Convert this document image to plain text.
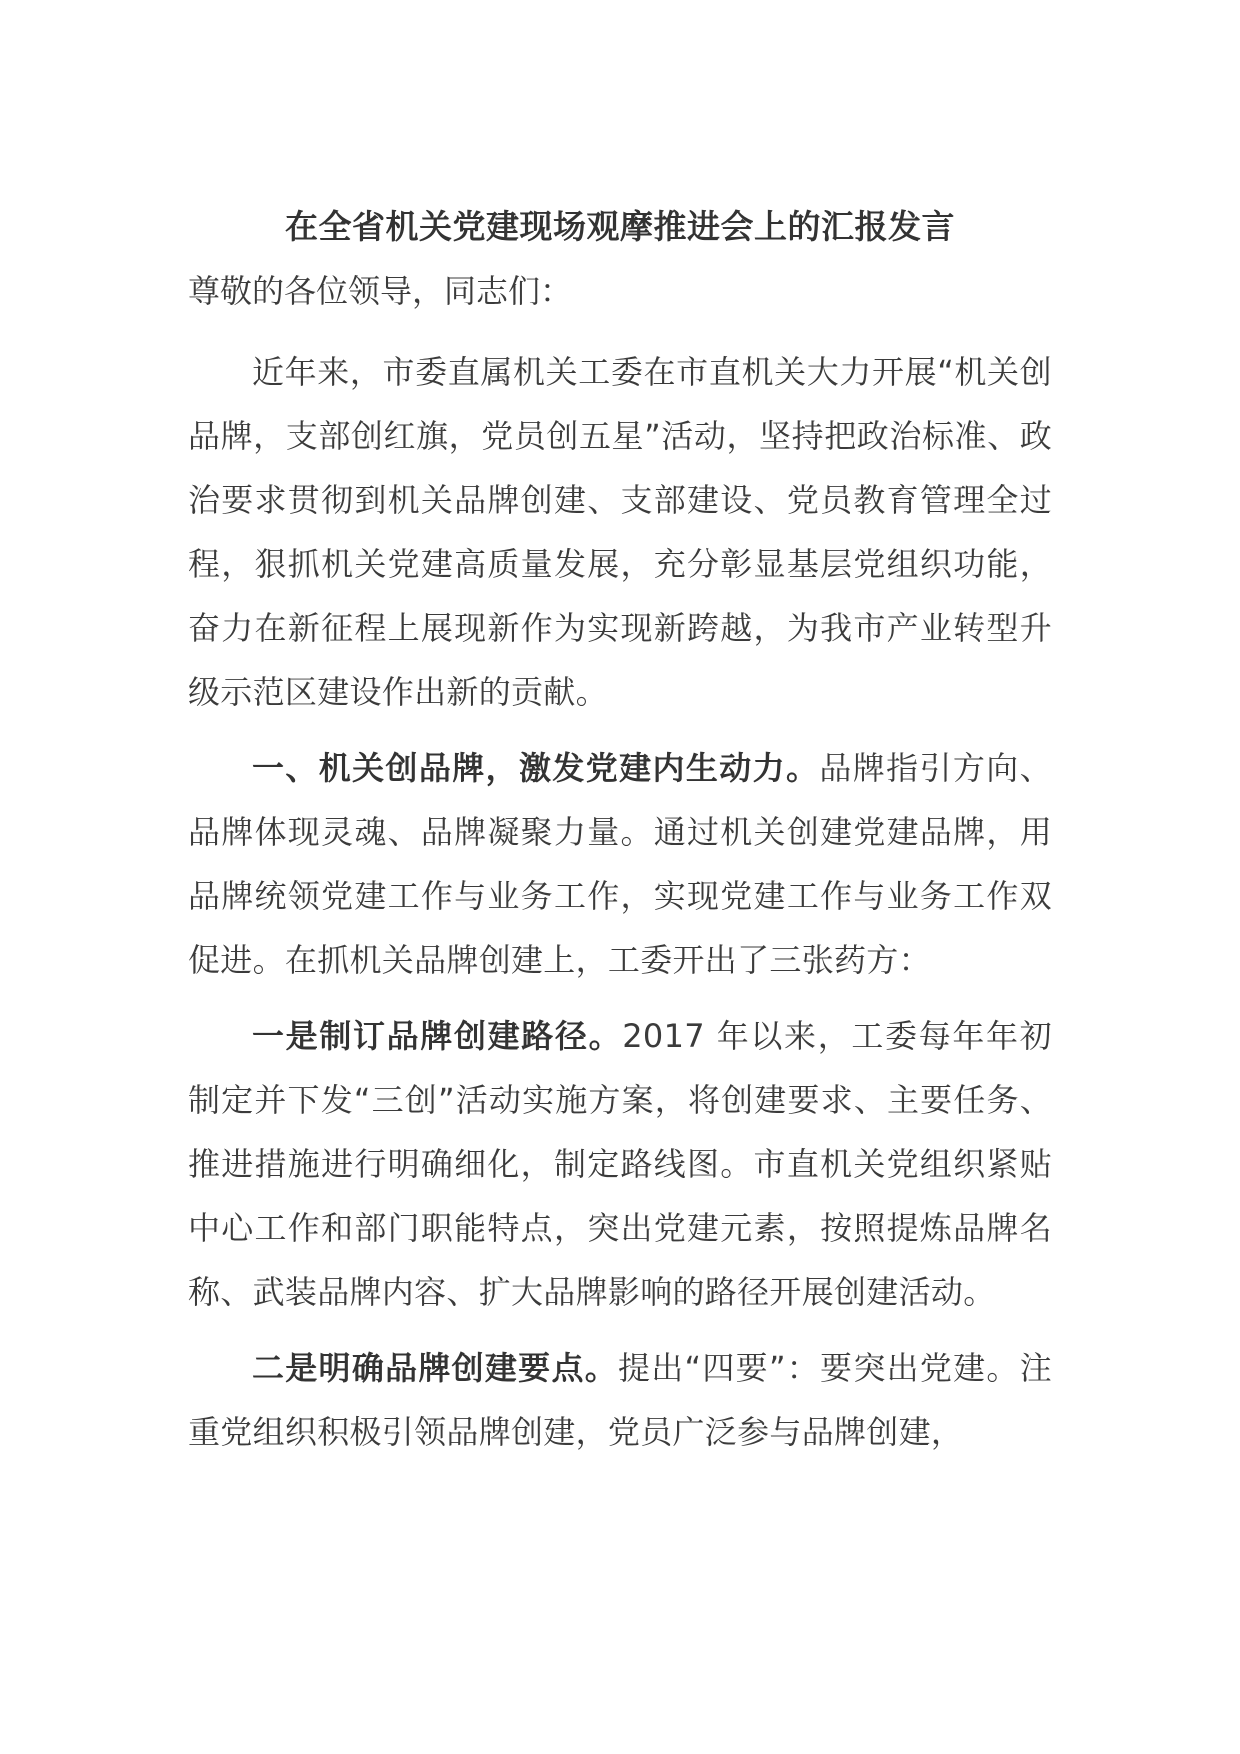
在全省机关党建现场观摩推进会上的汇报发言
尊敬的各位领导，同志们：

近年来，市委直属机关工委在市直机关大力开展“机关创品牌，支部创红旗，党员创五星”活动，坚持把政治标准、政治要求贯彻到机关品牌创建、支部建设、党员教育管理全过程，狠抓机关党建高质量发展，充分彰显基层党组织功能，奋力在新征程上展现新作为实现新跨越，为我市产业转型升级示范区建设作出新的贡献。

一、机关创品牌，激发党建内生动力。品牌指引方向、品牌体现灵魂、品牌凝聚力量。通过机关创建党建品牌，用品牌统领党建工作与业务工作，实现党建工作与业务工作双促进。在抓机关品牌创建上，工委开出了三张药方：

一是制订品牌创建路径。2017 年以来，工委每年年初制定并下发“三创”活动实施方案，将创建要求、主要任务、推进措施进行明确细化，制定路线图。市直机关党组织紧贴中心工作和部门职能特点，突出党建元素，按照提炼品牌名称、武装品牌内容、扩大品牌影响的路径开展创建活动。

二是明确品牌创建要点。提出“四要”：要突出党建。注重党组织积极引领品牌创建，党员广泛参与品牌创建，
